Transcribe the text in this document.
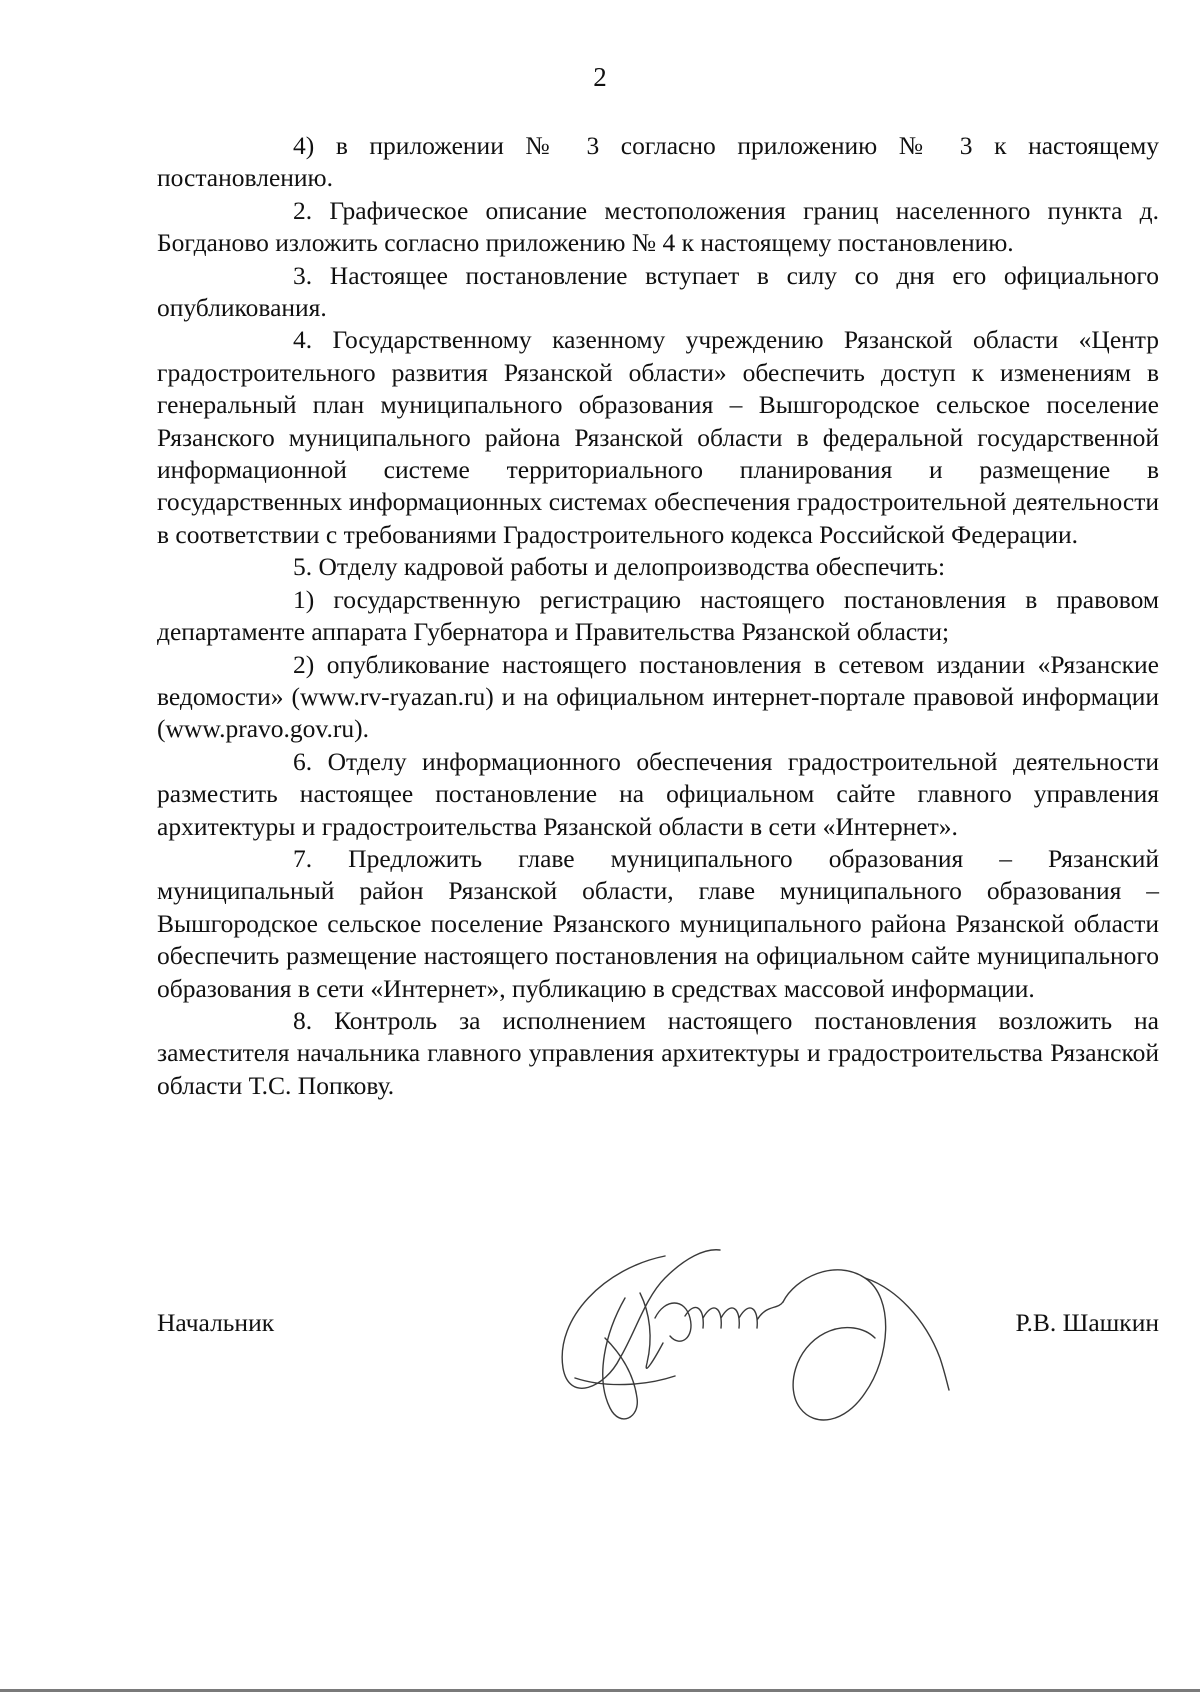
2

4) в приложении № 3 согласно приложению № 3 к настоящему постановлению.

2. Графическое описание местоположения границ населенного пункта д. Богданово изложить согласно приложению № 4 к настоящему постановлению.

3. Настоящее постановление вступает в силу со дня его официального опубликования.

4. Государственному казенному учреждению Рязанской области «Центр градостроительного развития Рязанской области» обеспечить доступ к изменениям в генеральный план муниципального образования – Вышгородское сельское поселение Рязанского муниципального района Рязанской области в федеральной государственной информационной системе территориального планирования и размещение в государственных информационных системах обеспечения градостроительной деятельности в соответствии с требованиями Градостроительного кодекса Российской Федерации.

5. Отделу кадровой работы и делопроизводства обеспечить:

1) государственную регистрацию настоящего постановления в правовом департаменте аппарата Губернатора и Правительства Рязанской области;

2) опубликование настоящего постановления в сетевом издании «Рязанские ведомости» (www.rv-ryazan.ru) и на официальном интернет-портале правовой информации (www.pravo.gov.ru).

6. Отделу информационного обеспечения градостроительной деятельности разместить настоящее постановление на официальном сайте главного управления архитектуры и градостроительства Рязанской области в сети «Интернет».

7. Предложить главе муниципального образования – Рязанский муниципальный район Рязанской области, главе муниципального образования – Вышгородское сельское поселение Рязанского муниципального района Рязанской области обеспечить размещение настоящего постановления на официальном сайте муниципального образования в сети «Интернет», публикацию в средствах массовой информации.

8. Контроль за исполнением настоящего постановления возложить на заместителя начальника главного управления архитектуры и градостроительства Рязанской области Т.С. Попкову.

Начальник	Р.В. Шашкин
